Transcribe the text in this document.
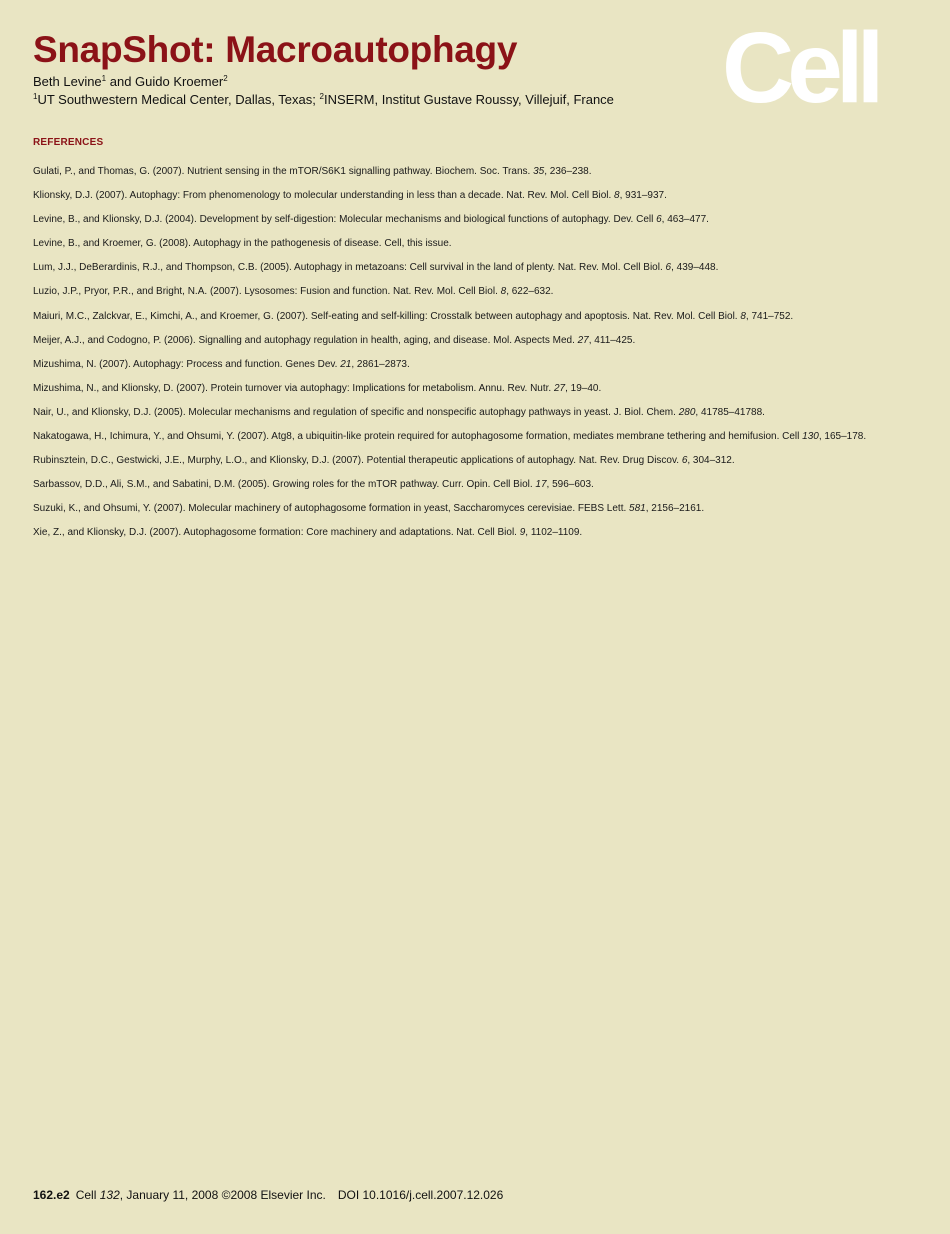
SnapShot: Macroautophagy
Beth Levine$^1$ and Guido Kroemer$^2$
$^1$UT Southwestern Medical Center, Dallas, Texas; $^2$INSERM, Institut Gustave Roussy, Villejuif, France Cell
REFERENCES
Gulati, P., and Thomas, G. (2007). Nutrient sensing in the mTOR/S6K1 signalling pathway. Biochem. Soc. Trans. 35, 236–238.
Klionsky, D.J. (2007). Autophagy: From phenomenology to molecular understanding in less than a decade. Nat. Rev. Mol. Cell Biol. 8, 931–937.
Levine, B., and Klionsky, D.J. (2004). Development by self-digestion: Molecular mechanisms and biological functions of autophagy. Dev. Cell 6, 463–477.
Levine, B., and Kroemer, G. (2008). Autophagy in the pathogenesis of disease. Cell, this issue.
Lum, J.J., DeBerardinis, R.J., and Thompson, C.B. (2005). Autophagy in metazoans: Cell survival in the land of plenty. Nat. Rev. Mol. Cell Biol. 6, 439–448.
Luzio, J.P., Pryor, P.R., and Bright, N.A. (2007). Lysosomes: Fusion and function. Nat. Rev. Mol. Cell Biol. 8, 622–632.
Maiuri, M.C., Zalckvar, E., Kimchi, A., and Kroemer, G. (2007). Self-eating and self-killing: Crosstalk between autophagy and apoptosis. Nat. Rev. Mol. Cell Biol. 8, 741–752.
Meijer, A.J., and Codogno, P. (2006). Signalling and autophagy regulation in health, aging, and disease. Mol. Aspects Med. 27, 411–425.
Mizushima, N. (2007). Autophagy: Process and function. Genes Dev. 21, 2861–2873.
Mizushima, N., and Klionsky, D. (2007). Protein turnover via autophagy: Implications for metabolism. Annu. Rev. Nutr. 27, 19–40.
Nair, U., and Klionsky, D.J. (2005). Molecular mechanisms and regulation of specific and nonspecific autophagy pathways in yeast. J. Biol. Chem. 280, 41785–41788.
Nakatogawa, H., Ichimura, Y., and Ohsumi, Y. (2007). Atg8, a ubiquitin-like protein required for autophagosome formation, mediates membrane tethering and hemifusion. Cell 130, 165–178.
Rubinsztein, D.C., Gestwicki, J.E., Murphy, L.O., and Klionsky, D.J. (2007). Potential therapeutic applications of autophagy. Nat. Rev. Drug Discov. 6, 304–312.
Sarbassov, D.D., Ali, S.M., and Sabatini, D.M. (2005). Growing roles for the mTOR pathway. Curr. Opin. Cell Biol. 17, 596–603.
Suzuki, K., and Ohsumi, Y. (2007). Molecular machinery of autophagosome formation in yeast, Saccharomyces cerevisiae. FEBS Lett. 581, 2156–2161.
Xie, Z., and Klionsky, D.J. (2007). Autophagosome formation: Core machinery and adaptations. Nat. Cell Biol. 9, 1102–1109.
162.e2 Cell 132, January 11, 2008 ©2008 Elsevier Inc. DOI 10.1016/j.cell.2007.12.026
